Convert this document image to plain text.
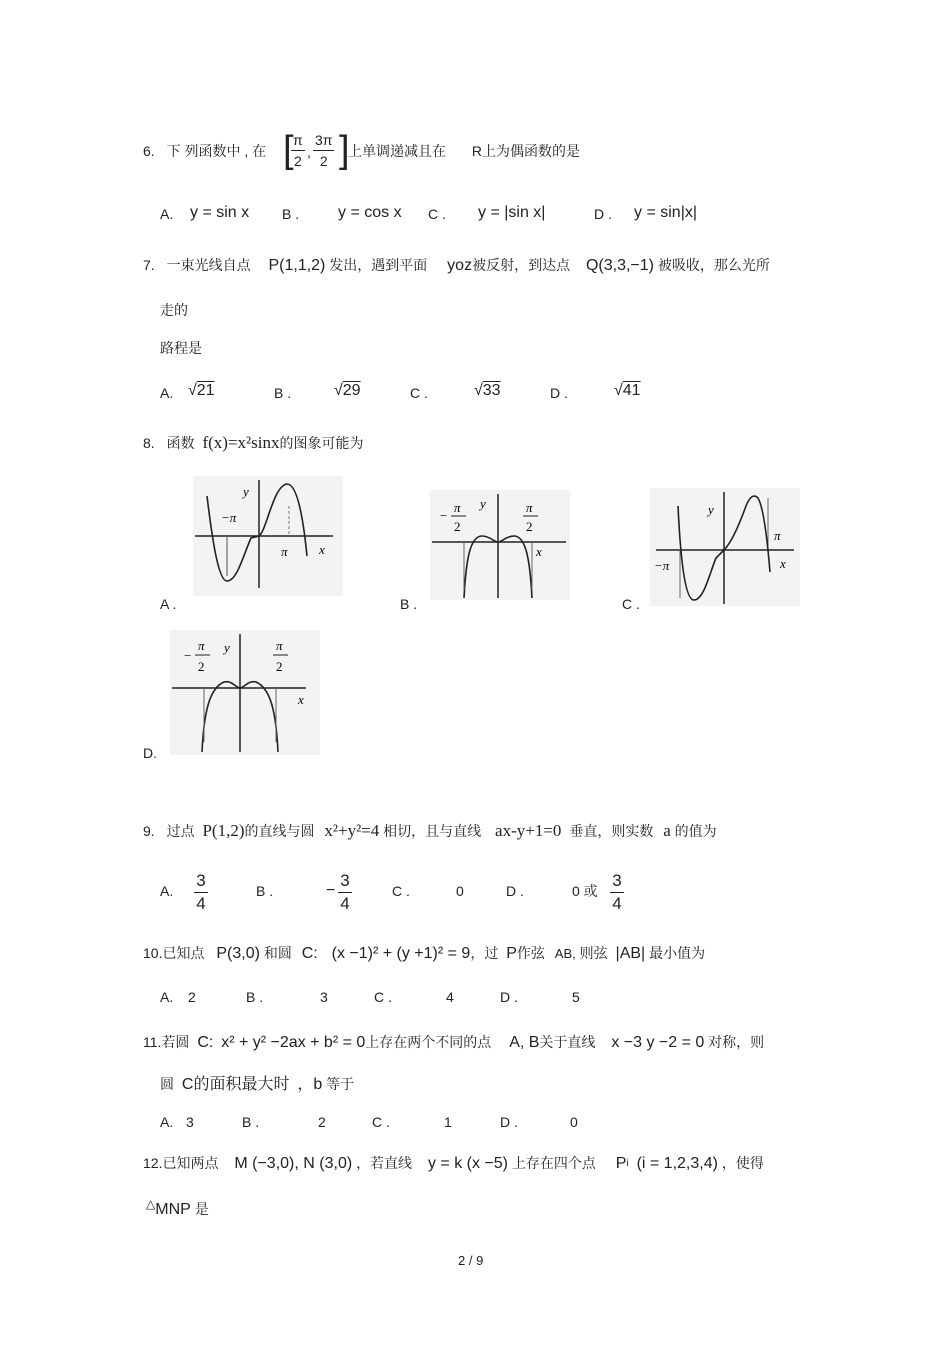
6. 下 列函数中 , 在 [
$\frac{\pi}{2}$ , $\frac{3\pi}{2}$ ]
上单调递减且在 R上为偶函数的是
A. y = sin x B . y = cos x C . y = |sin x|	D . y = sin|x|
7. 一束光线自点 P(1,1,2) 发出，遇到平面 yoz被反射，到达点 Q(3,3,−1) 被吸收，那么光所
走的
路程是
A. √21	B .	√29	C .	√33	D .	√41
8. 函数 f(x)=x²sinx的图象可能为
y
−π
π x
A .
−
π
2
y	π
2
x
B .
y
−π
π
x
C .
−
π
2
y	π
2
x
D.
9. 过点 P(1,2)的直线与圆 x²+y²=4 相切，且与直线 ax-y+1=0 垂直，则实数 a 的值为
A.
3
4
B .	−
3
4
C .	0	D .	0 或
3
4
10.已知点 P(3,0) 和圆 C: (x −1)² + (y +1)² = 9，过 P作弦 AB, 则弦 |AB| 最小值为
A. 2	B .	3	C .	4	D .	5
11.若圆 C: x² + y² −2ax + b² = 0上存在两个不同的点 A, B关于直线 x −3 y −2 = 0 对称，则
圆 C的面积最大时 ，b 等于
A. 3	B .	2	C .	1	D .	0
12.已知两点 M (−3,0), N (3,0) ，若直线 y = k (x −5) 上存在四个点 Pi (i = 1,2,3,4) ，使得
△MNP 是
2 / 9
